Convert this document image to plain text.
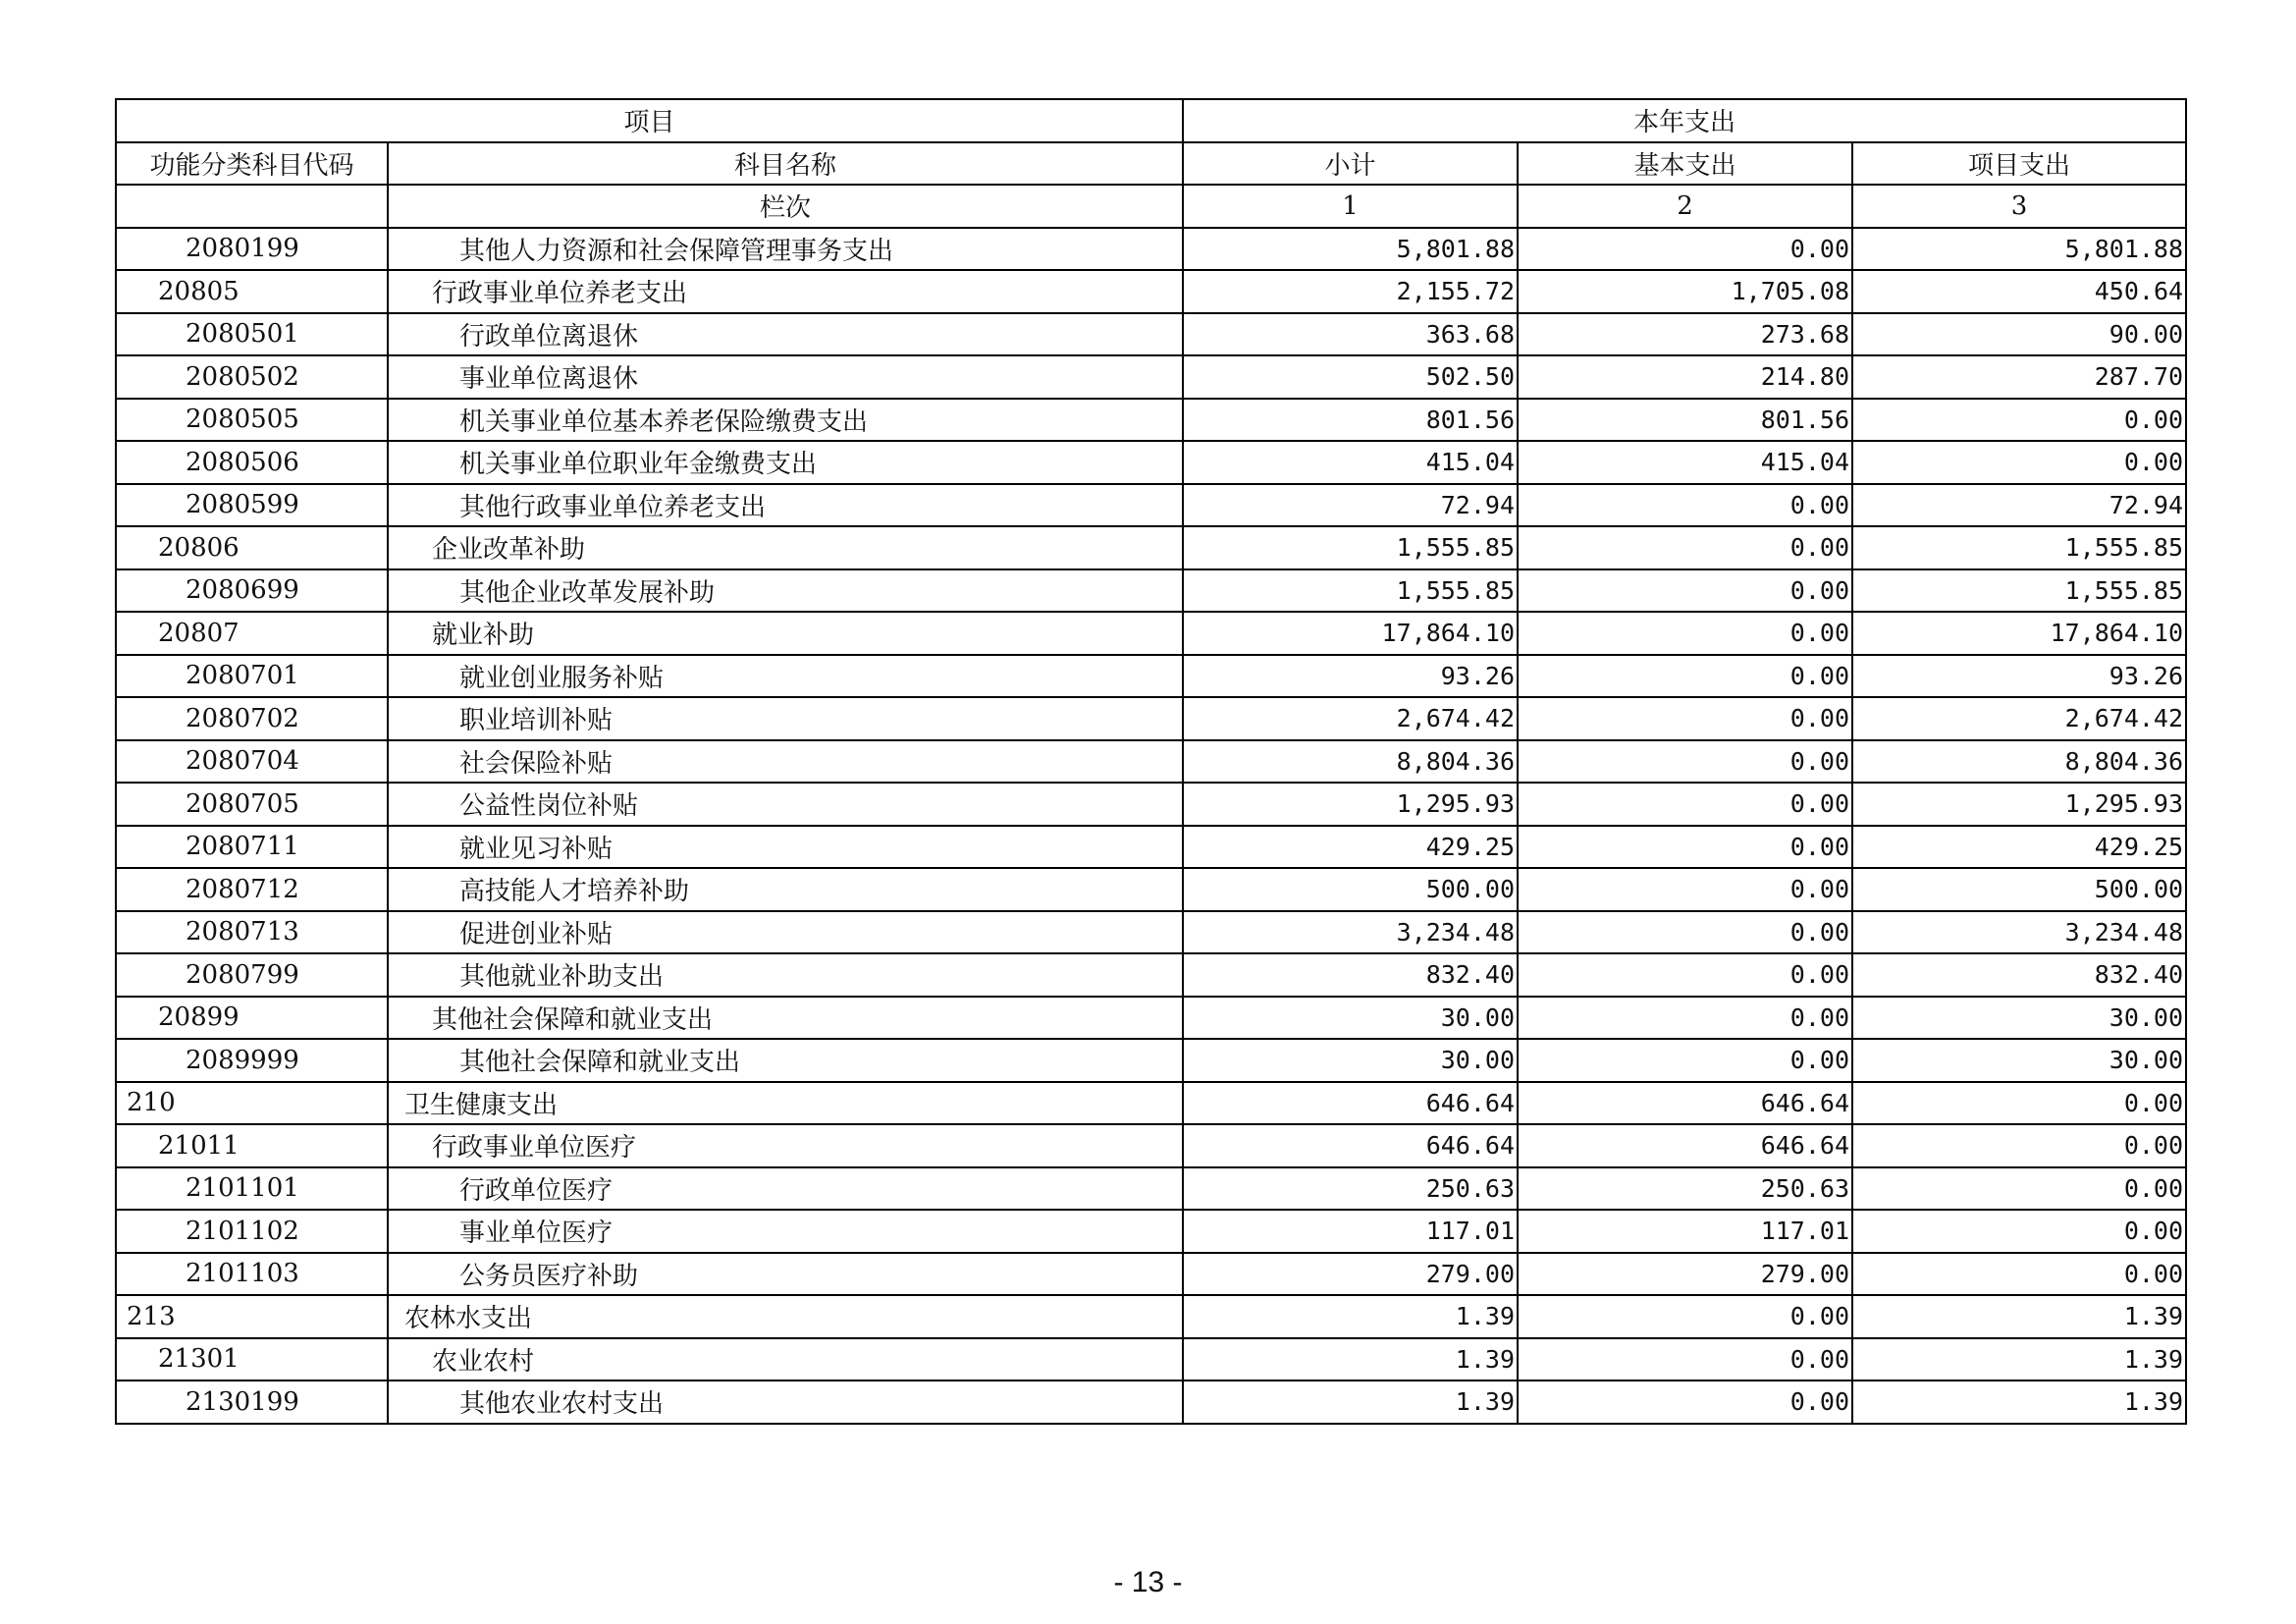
项目		本年支出		
功能分类科目代码	科目名称	小计	基本支出	项目支出
	栏次	1	2	3
2080199	其他人力资源和社会保障管理事务支出	5,801.88	0.00	5,801.88
20805	行政事业单位养老支出	2,155.72	1,705.08	450.64
2080501	行政单位离退休	363.68	273.68	90.00
2080502	事业单位离退休	502.50	214.80	287.70
2080505	机关事业单位基本养老保险缴费支出	801.56	801.56	0.00
2080506	机关事业单位职业年金缴费支出	415.04	415.04	0.00
2080599	其他行政事业单位养老支出	72.94	0.00	72.94
20806	企业改革补助	1,555.85	0.00	1,555.85
2080699	其他企业改革发展补助	1,555.85	0.00	1,555.85
20807	就业补助	17,864.10	0.00	17,864.10
2080701	就业创业服务补贴	93.26	0.00	93.26
2080702	职业培训补贴	2,674.42	0.00	2,674.42
2080704	社会保险补贴	8,804.36	0.00	8,804.36
2080705	公益性岗位补贴	1,295.93	0.00	1,295.93
2080711	就业见习补贴	429.25	0.00	429.25
2080712	高技能人才培养补助	500.00	0.00	500.00
2080713	促进创业补贴	3,234.48	0.00	3,234.48
2080799	其他就业补助支出	832.40	0.00	832.40
20899	其他社会保障和就业支出	30.00	0.00	30.00
2089999	其他社会保障和就业支出	30.00	0.00	30.00
210	卫生健康支出	646.64	646.64	0.00
21011	行政事业单位医疗	646.64	646.64	0.00
2101101	行政单位医疗	250.63	250.63	0.00
2101102	事业单位医疗	117.01	117.01	0.00
2101103	公务员医疗补助	279.00	279.00	0.00
213	农林水支出	1.39	0.00	1.39
21301	农业农村	1.39	0.00	1.39
2130199	其他农业农村支出	1.39	0.00	1.39
- 13 -
